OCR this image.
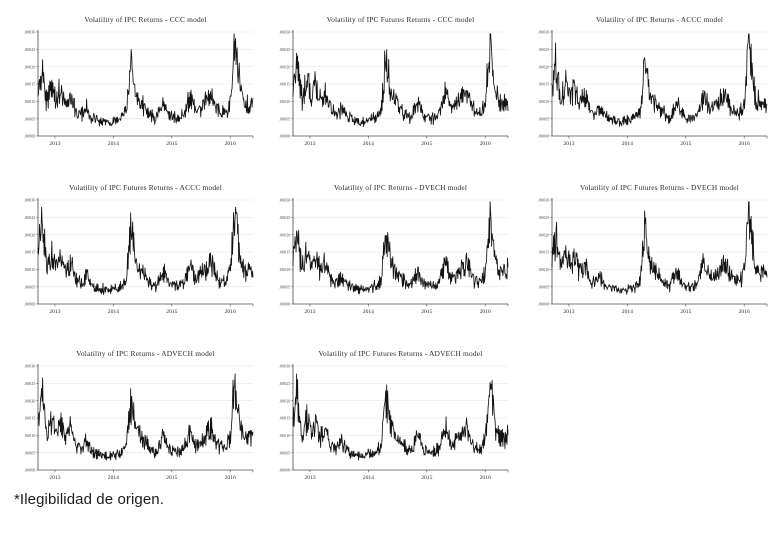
Volatility of IPC Returns - CCC model
.00000
.00005
.00010
.00015
.00020
.00025
.00030
2013	2014	2015	2016
Volatility of IPC Futures Returns - CCC model
.00000
.00005
.00010
.00015
.00020
.00025
.00030
2013	2014	2015	2016
Volatility of IPC Returns - ACCC model
.00000
.00005
.00010
.00015
.00020
.00025
.00030
2013	2014	2015	2016
Volatility of IPC Futures Returns - ACCC model
.00000
.00005
.00010
.00015
.00020
.00025
.00030
2013	2014	2015	2016
Volatility of IPC Returns - DVECH model
.00000
.00005
.00010
.00015
.00020
.00025
.00030
2013	2014	2015	2016
Volatility of IPC Futures Returns - DVECH model
.00000
.00005
.00010
.00015
.00020
.00025
.00030
2013	2014	2015	2016
Volatility of IPC Returns - ADVECH model
.00000
.00005
.00010
.00015
.00020
.00025
.00030
2013	2014	2015	2016
Volatility of IPC Futures Returns - ADVECH model
.00000
.00005
.00010
.00015
.00020
.00025
.00030
2013	2014	2015	2016
*Ilegibilidad de origen.
